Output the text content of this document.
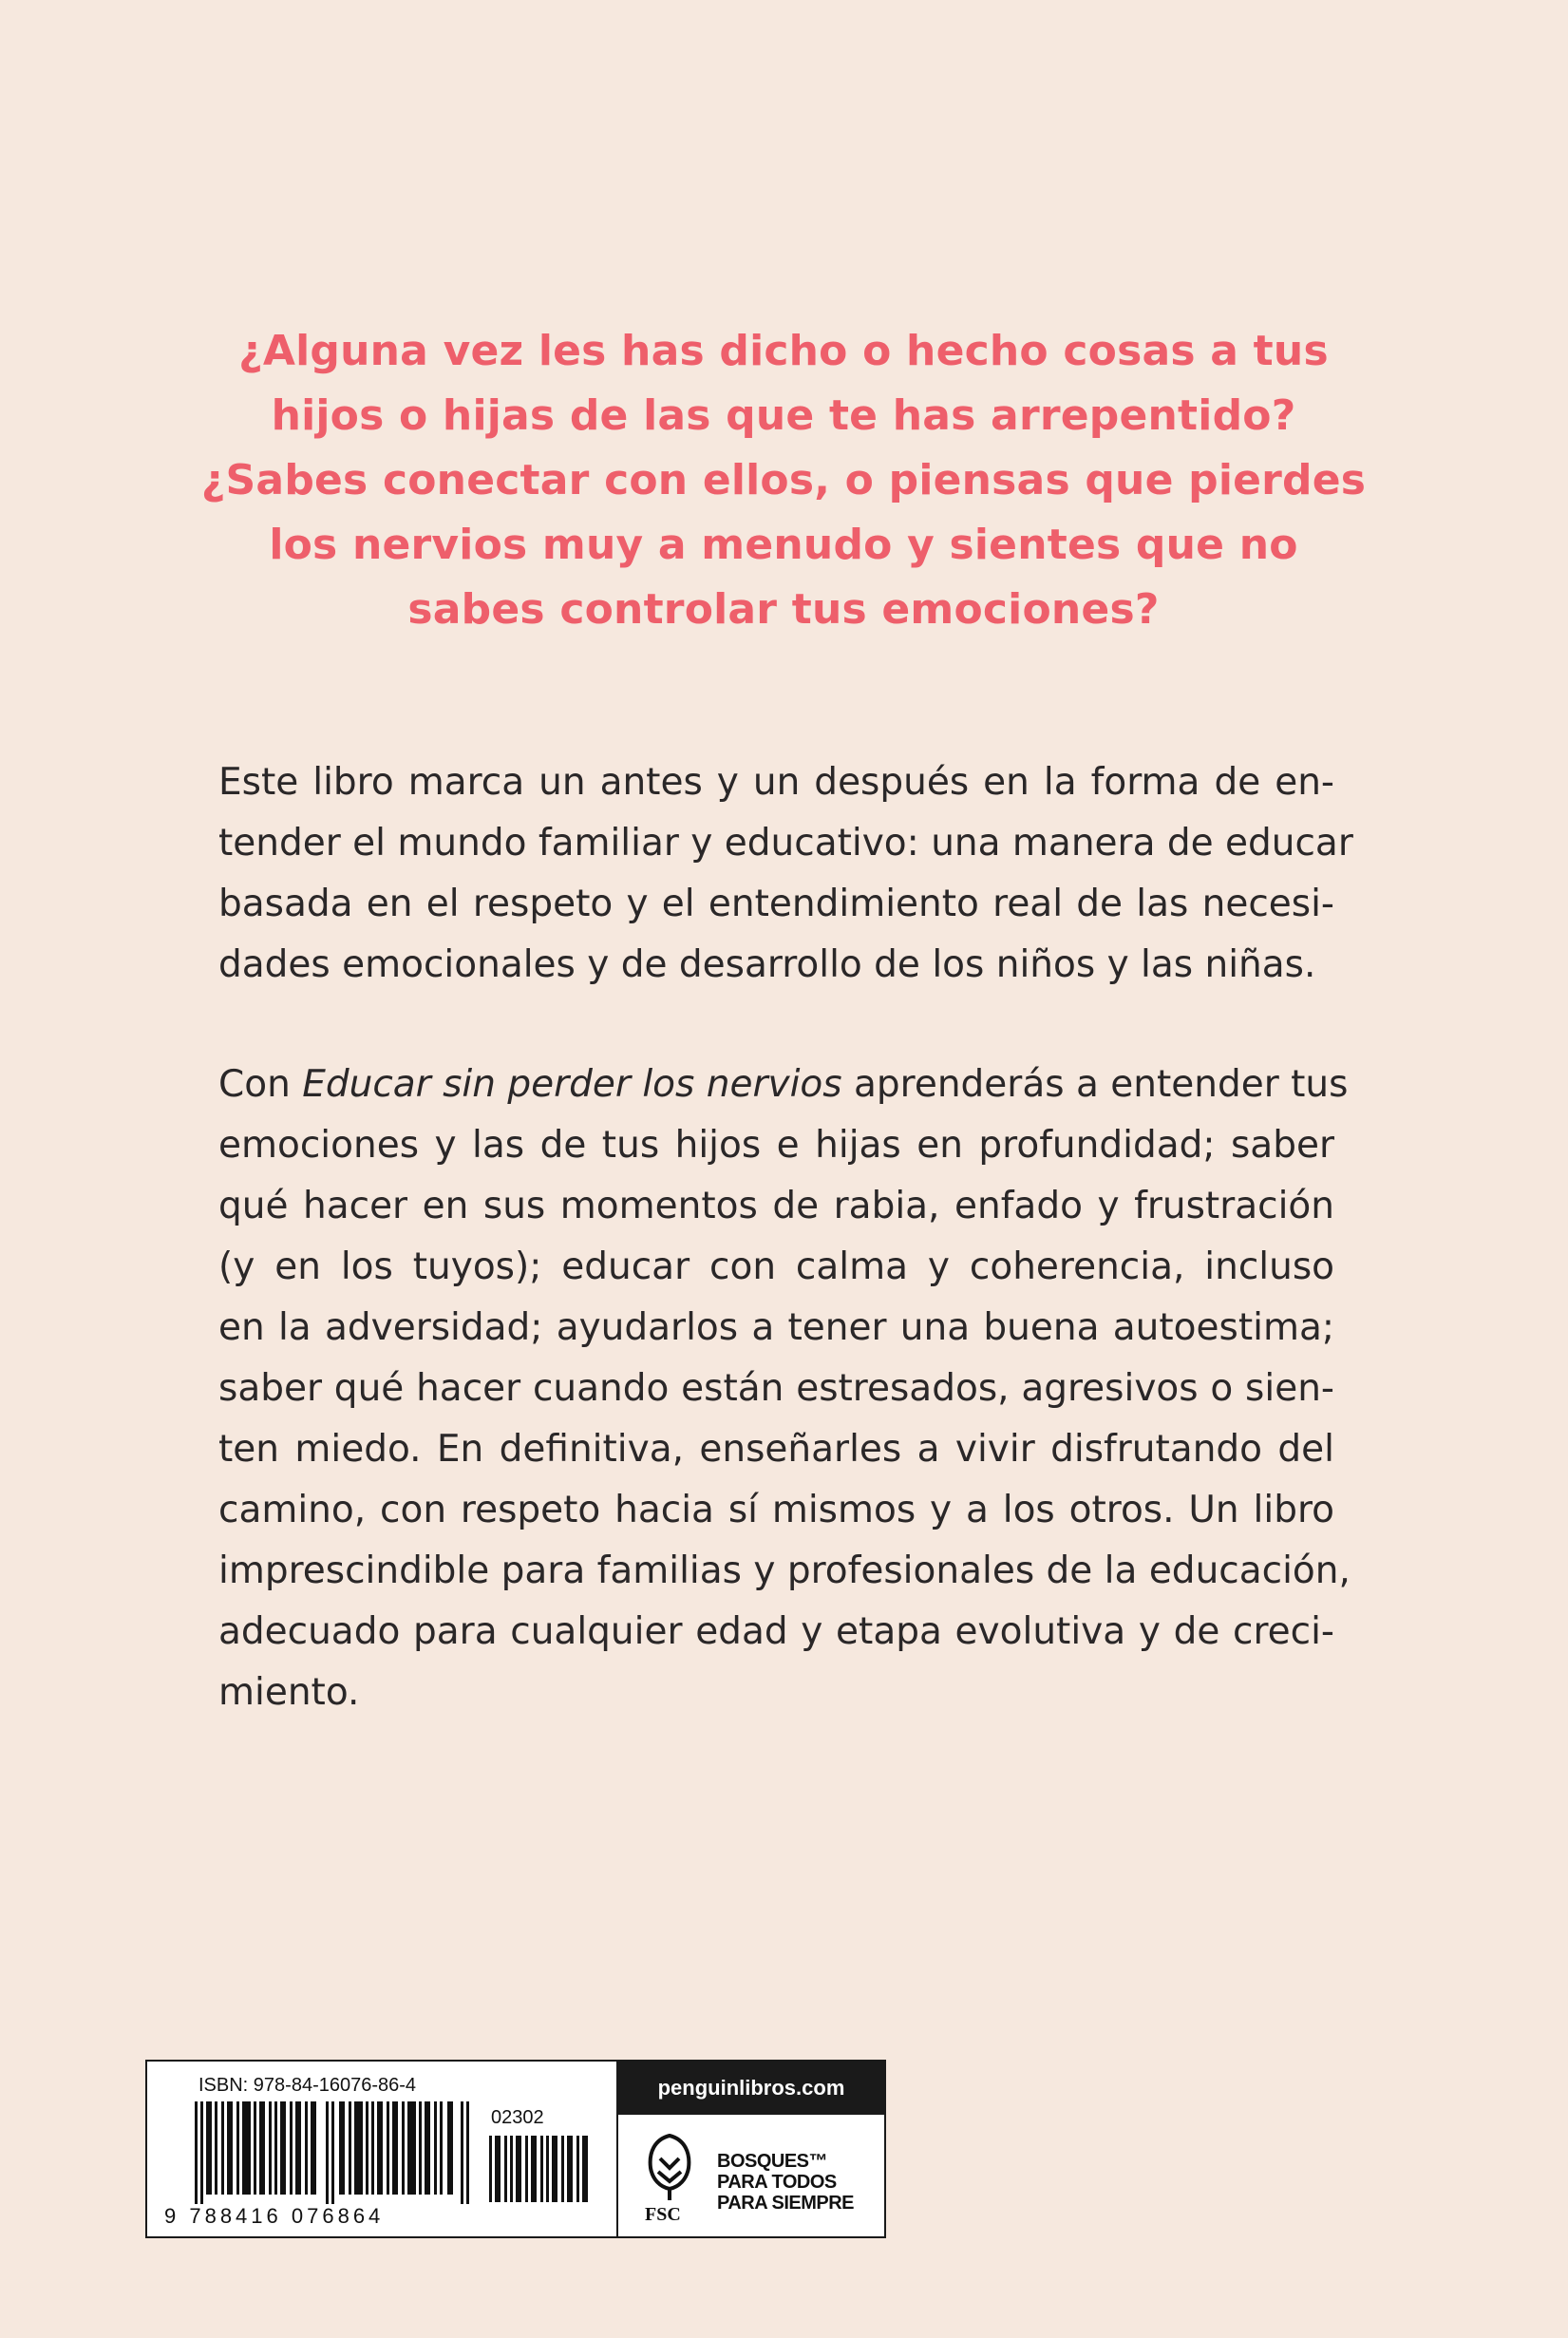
¿Alguna vez les has dicho o hecho cosas a tus
hijos o hijas de las que te has arrepentido?
¿Sabes conectar con ellos, o piensas que pierdes
los nervios muy a menudo y sientes que no
sabes controlar tus emociones?
Este libro marca un antes y un después en la forma de en-
tender el mundo familiar y educativo: una manera de educar
basada en el respeto y el entendimiento real de las necesi-
dades emocionales y de desarrollo de los niños y las niñas.
Con Educar sin perder los nervios aprenderás a entender tus
emociones y las de tus hijos e hijas en profundidad; saber
qué hacer en sus momentos de rabia, enfado y frustración
(y en los tuyos); educar con calma y coherencia, incluso
en la adversidad; ayudarlos a tener una buena autoestima;
saber qué hacer cuando están estresados, agresivos o sien-
ten miedo. En definitiva, enseñarles a vivir disfrutando del
camino, con respeto hacia sí mismos y a los otros. Un libro
imprescindible para familias y profesionales de la educación,
adecuado para cualquier edad y etapa evolutiva y de creci-
miento.
ISBN: 978-84-16076-86-4
02302
9 788416 076864
penguinlibros.com
FSC
BOSQUES™
PARA TODOS
PARA SIEMPRE
